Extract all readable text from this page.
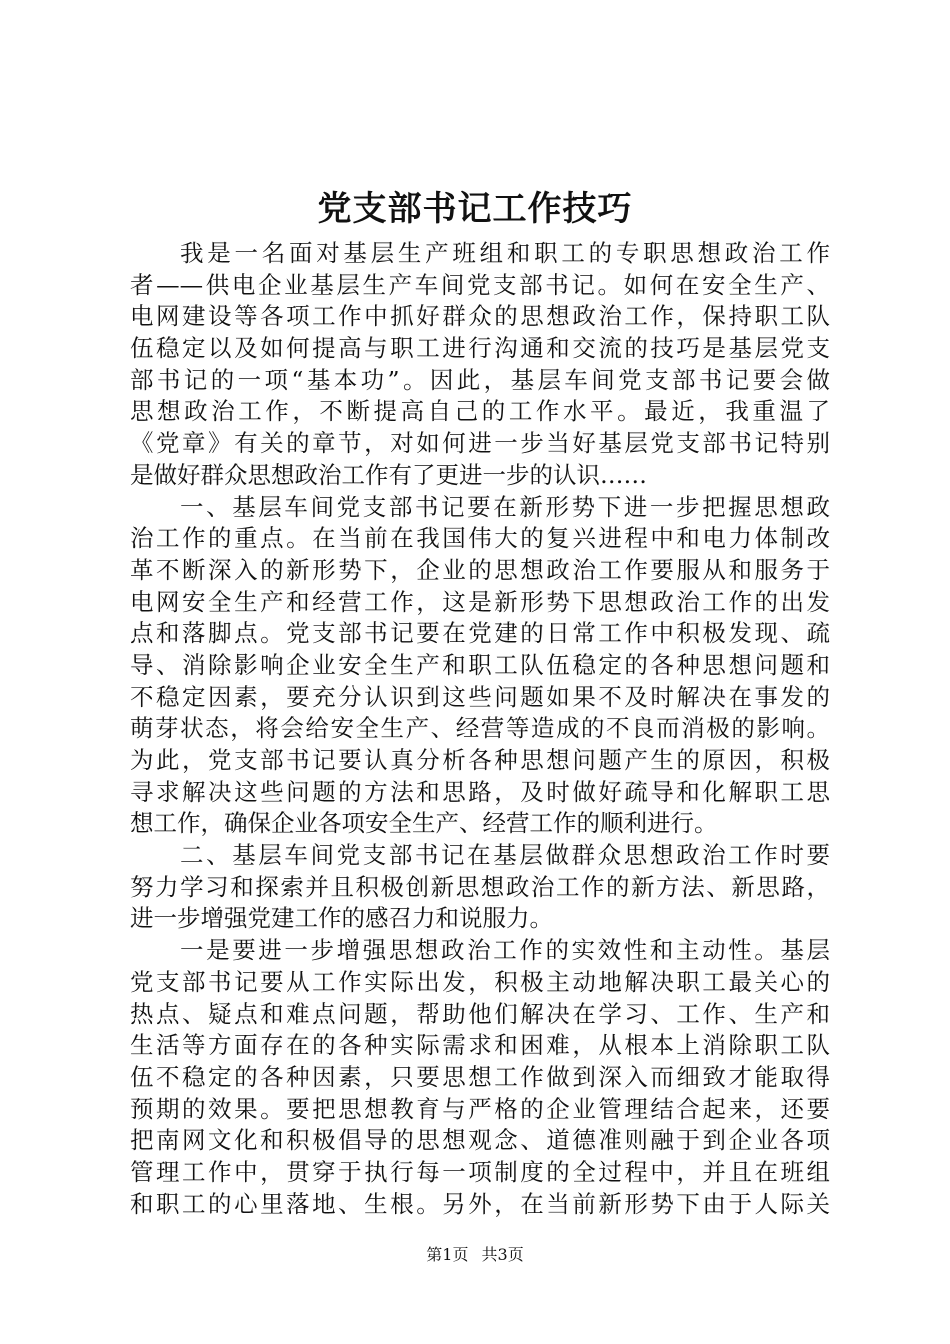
党支部书记工作技巧
我是一名面对基层生产班组和职工的专职思想政治工作
者——供电企业基层生产车间党支部书记。如何在安全生产、
电网建设等各项工作中抓好群众的思想政治工作，保持职工队
伍稳定以及如何提高与职工进行沟通和交流的技巧是基层党支
部书记的一项“基本功”。因此，基层车间党支部书记要会做
思想政治工作，不断提高自己的工作水平。最近，我重温了
《党章》有关的章节，对如何进一步当好基层党支部书记特别
是做好群众思想政治工作有了更进一步的认识……
一、基层车间党支部书记要在新形势下进一步把握思想政
治工作的重点。在当前在我国伟大的复兴进程中和电力体制改
革不断深入的新形势下，企业的思想政治工作要服从和服务于
电网安全生产和经营工作，这是新形势下思想政治工作的出发
点和落脚点。党支部书记要在党建的日常工作中积极发现、疏
导、消除影响企业安全生产和职工队伍稳定的各种思想问题和
不稳定因素，要充分认识到这些问题如果不及时解决在事发的
萌芽状态，将会给安全生产、经营等造成的不良而消极的影响。
为此，党支部书记要认真分析各种思想问题产生的原因，积极
寻求解决这些问题的方法和思路，及时做好疏导和化解职工思
想工作，确保企业各项安全生产、经营工作的顺利进行。
二、基层车间党支部书记在基层做群众思想政治工作时要
努力学习和探索并且积极创新思想政治工作的新方法、新思路，
进一步增强党建工作的感召力和说服力。
一是要进一步增强思想政治工作的实效性和主动性。基层
党支部书记要从工作实际出发，积极主动地解决职工最关心的
热点、疑点和难点问题，帮助他们解决在学习、工作、生产和
生活等方面存在的各种实际需求和困难，从根本上消除职工队
伍不稳定的各种因素，只要思想工作做到深入而细致才能取得
预期的效果。要把思想教育与严格的企业管理结合起来，还要
把南网文化和积极倡导的思想观念、道德准则融于到企业各项
管理工作中，贯穿于执行每一项制度的全过程中，并且在班组
和职工的心里落地、生根。另外，在当前新形势下由于人际关
第1页 共3页
